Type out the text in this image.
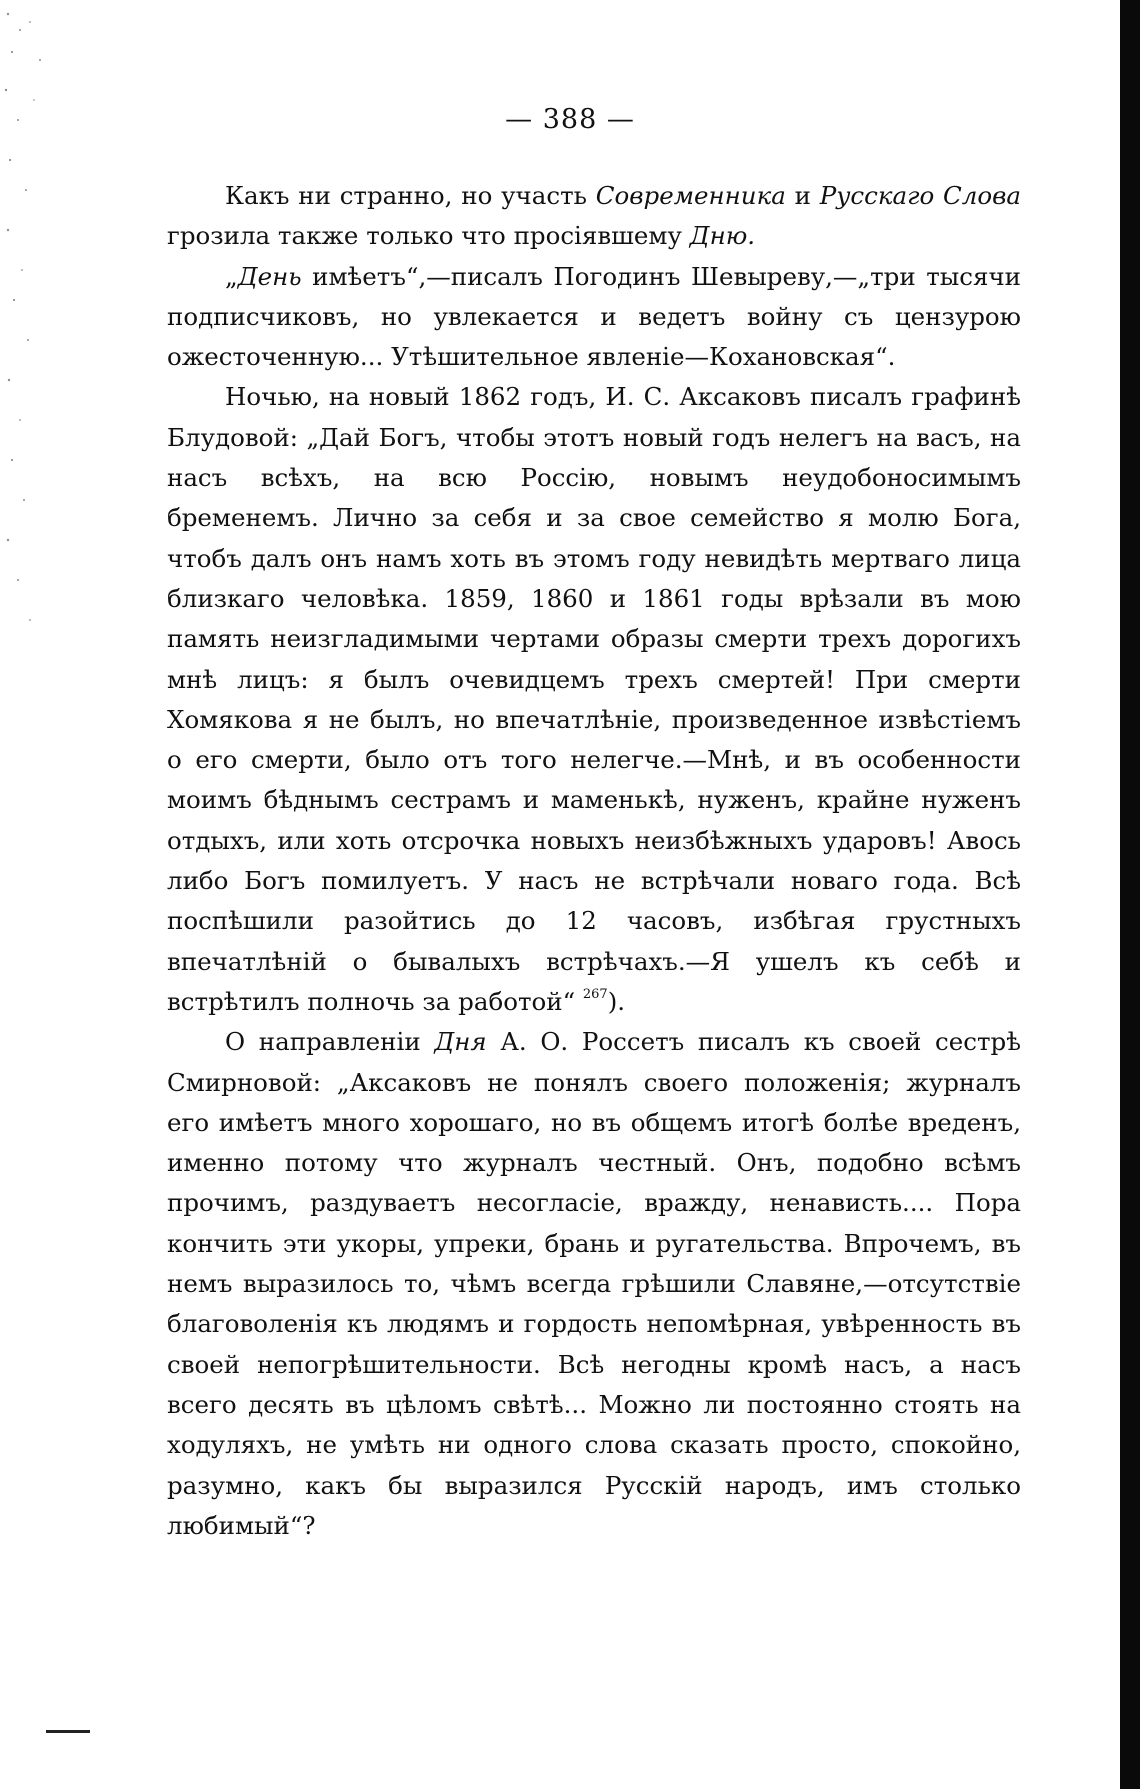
— 388 —

Какъ ни странно, но участь Современника и Русскаго Слова грозила также только что просіявшему Дню.

„День имѣетъ“,—писалъ Погодинъ Шевыреву,—„три тысячи подписчиковъ, но увлекается и ведетъ войну съ цензурою ожесточенную... Утѣшительное явленіе—Кохановская“.

Ночью, на новый 1862 годъ, И. С. Аксаковъ писалъ графинѣ Блудовой: „Дай Богъ, чтобы этотъ новый годъ нелегъ на васъ, на насъ всѣхъ, на всю Россію, новымъ неудобоносимымъ бременемъ. Лично за себя и за свое семейство я молю Бога, чтобъ далъ онъ намъ хоть въ этомъ году невидѣть мертваго лица близкаго человѣка. 1859, 1860 и 1861 годы врѣзали въ мою память неизгладимыми чертами образы смерти трехъ дорогихъ мнѣ лицъ: я былъ очевидцемъ трехъ смертей! При смерти Хомякова я не былъ, но впечатлѣніе, произведенное извѣстіемъ о его смерти, было отъ того нелегче.—Мнѣ, и въ особенности моимъ бѣднымъ сестрамъ и маменькѣ, нуженъ, крайне нуженъ отдыхъ, или хоть отсрочка новыхъ неизбѣжныхъ ударовъ! Авось либо Богъ помилуетъ. У насъ не встрѣчали новаго года. Всѣ поспѣшили разойтись до 12 часовъ, избѣгая грустныхъ впечатлѣній о бывалыхъ встрѣчахъ.—Я ушелъ къ себѣ и встрѣтилъ полночь за работой“ $^{267}$).

О направленіи Дня А. О. Россетъ писалъ къ своей сестрѣ Смирновой: „Аксаковъ не понялъ своего положенія; журналъ его имѣетъ много хорошаго, но въ общемъ итогѣ болѣе вреденъ, именно потому что журналъ честный. Онъ, подобно всѣмъ прочимъ, раздуваетъ несогласіе, вражду, ненависть.... Пора кончить эти укоры, упреки, брань и ругательства. Впрочемъ, въ немъ выразилось то, чѣмъ всегда грѣшили Славяне,—отсутствіе благоволенія къ людямъ и гордость непомѣрная, увѣренность въ своей непогрѣшительности. Всѣ негодны кромѣ насъ, а насъ всего десять въ цѣломъ свѣтѣ... Можно ли постоянно стоять на ходуляхъ, не умѣть ни одного слова сказать просто, спокойно, разумно, какъ бы выразился Русскій народъ, имъ столько любимый“?
